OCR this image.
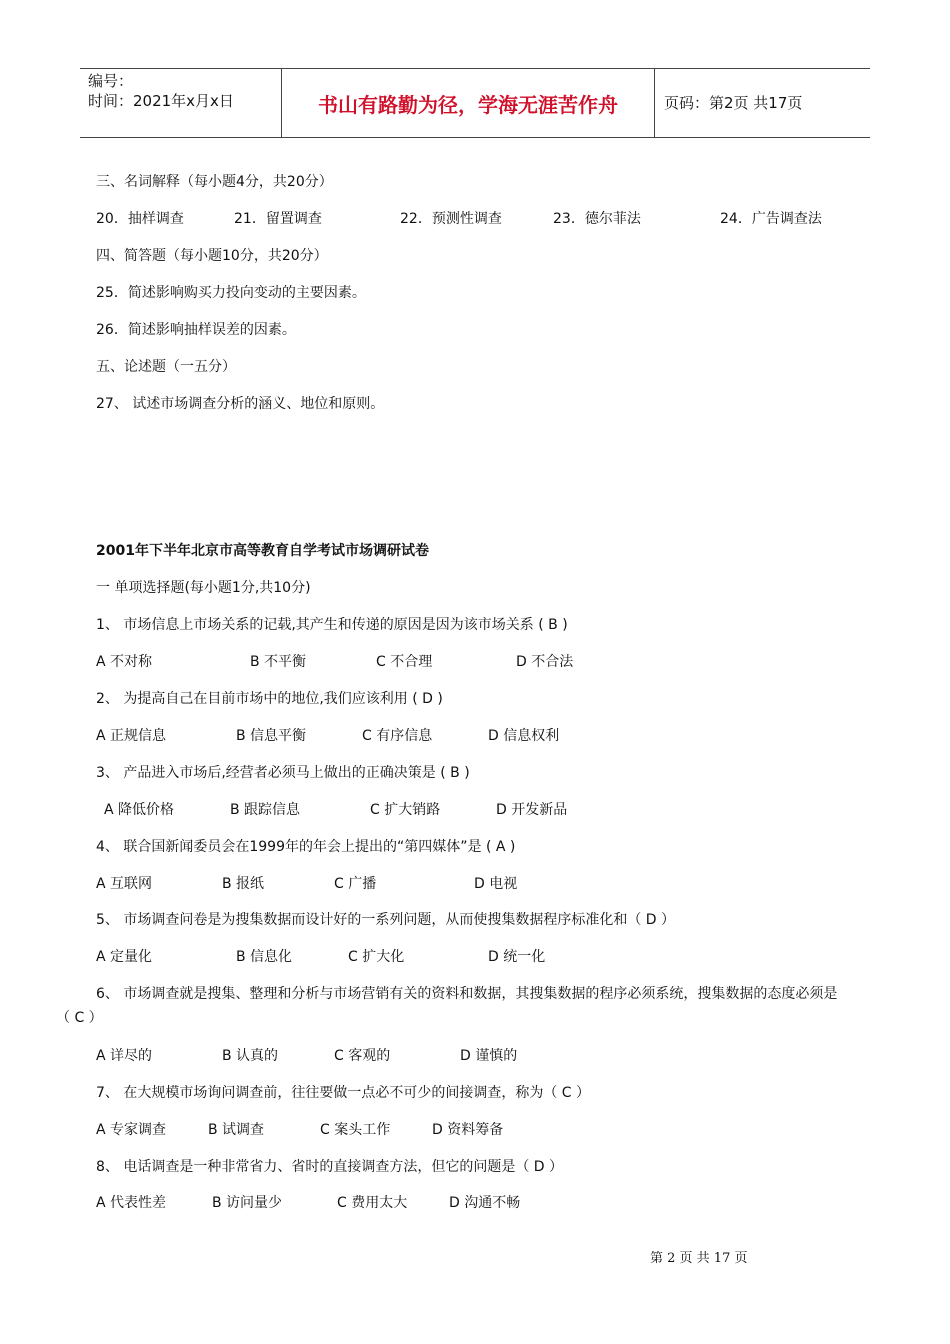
编号：
时间：2021年x月x日	书山有路勤为径，学海无涯苦作舟	页码：第2页 共17页
三、名词解释（每小题4分，共20分）
20．抽样调查	21．留置调查	22．预测性调查	23．德尔菲法	24．广告调查法
四、简答题（每小题10分，共20分）
25．简述影响购买力投向变动的主要因素。
26．简述影响抽样误差的因素。
五、论述题（一五分）
27、 试述市场调查分析的涵义、地位和原则。
2001年下半年北京市高等教育自学考试市场调研试卷
一 单项选择题(每小题1分,共10分)
1、 市场信息上市场关系的记载,其产生和传递的原因是因为该市场关系 ( B )
A 不对称	B 不平衡	C 不合理	D 不合法
2、 为提高自己在目前市场中的地位,我们应该利用 ( D )
A 正规信息	B 信息平衡	C 有序信息	D 信息权利
3、 产品进入市场后,经营者必须马上做出的正确决策是 ( B )
A 降低价格	B 跟踪信息	C 扩大销路	D 开发新品
4、 联合国新闻委员会在1999年的年会上提出的“第四媒体”是 ( A )
A 互联网	B 报纸	C 广播	D 电视
5、 市场调查问卷是为搜集数据而设计好的一系列问题，从而使搜集数据程序标准化和（ D ）
A 定量化	B 信息化	C 扩大化	D 统一化
6、 市场调查就是搜集、整理和分析与市场营销有关的资料和数据，其搜集数据的程序必须系统，搜集数据的态度必须是
（ C ）
A 详尽的	B 认真的	C 客观的	D 谨慎的
7、 在大规模市场询问调查前，往往要做一点必不可少的间接调查，称为（ C ）
A 专家调查	B 试调查	C 案头工作	D 资料筹备
8、 电话调查是一种非常省力、省时的直接调查方法，但它的问题是（ D ）
A 代表性差	B 访问量少	C 费用太大	D 沟通不畅
第 2 页 共 17 页
